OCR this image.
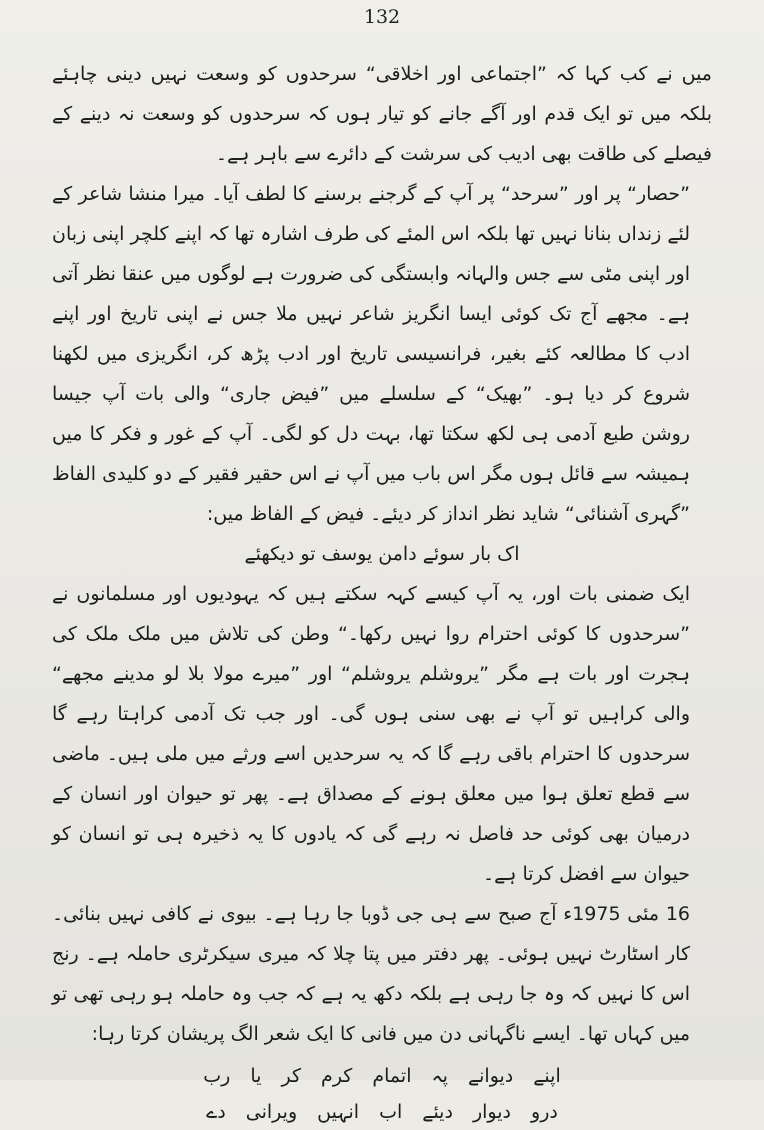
132

میں نے کب کہا کہ ”اجتماعی اور اخلاقی“ سرحدوں کو وسعت نہیں دینی چاہئے بلکہ میں تو ایک قدم اور آگے جانے کو تیار ہوں کہ سرحدوں کو وسعت نہ دینے کے فیصلے کی طاقت بھی ادیب کی سرشت کے دائرے سے باہر ہے۔

”حصار“ پر اور ”سرحد“ پر آپ کے گرجنے برسنے کا لطف آیا۔ میرا منشا شاعر کے لئے زنداں بنانا نہیں تھا بلکہ اس المئے کی طرف اشارہ تھا کہ اپنے کلچر اپنی زبان اور اپنی مٹی سے جس والہانہ وابستگی کی ضرورت ہے لوگوں میں عنقا نظر آتی ہے۔ مجھے آج تک کوئی ایسا انگریز شاعر نہیں ملا جس نے اپنی تاریخ اور اپنے ادب کا مطالعہ کئے بغیر، فرانسیسی تاریخ اور ادب پڑھ کر، انگریزی میں لکھنا شروع کر دیا ہو۔ ”بھیک“ کے سلسلے میں ”فیض جاری“ والی بات آپ جیسا روشن طبع آدمی ہی لکھ سکتا تھا، بہت دل کو لگی۔ آپ کے غور و فکر کا میں ہمیشہ سے قائل ہوں مگر اس باب میں آپ نے اس حقیر فقیر کے دو کلیدی الفاظ ”گہری آشنائی“ شاید نظر انداز کر دیئے۔ فیض کے الفاظ میں:

اک بار سوئے دامن یوسف تو دیکھئے

ایک ضمنی بات اور، یہ آپ کیسے کہہ سکتے ہیں کہ یہودیوں اور مسلمانوں نے ”سرحدوں کا کوئی احترام روا نہیں رکھا۔“ وطن کی تلاش میں ملک ملک کی ہجرت اور بات ہے مگر ”یروشلم یروشلم“ اور ”میرے مولا بلا لو مدینے مجھے“ والی کراہیں تو آپ نے بھی سنی ہوں گی۔ اور جب تک آدمی کراہتا رہے گا سرحدوں کا احترام باقی رہے گا کہ یہ سرحدیں اسے ورثے میں ملی ہیں۔ ماضی سے قطع تعلق ہوا میں معلق ہونے کے مصداق ہے۔ پھر تو حیوان اور انسان کے درمیان بھی کوئی حد فاصل نہ رہے گی کہ یادوں کا یہ ذخیرہ ہی تو انسان کو حیوان سے افضل کرتا ہے۔

16 مئی 1975ء آج صبح سے ہی جی ڈوبا جا رہا ہے۔ بیوی نے کافی نہیں بنائی۔ کار اسٹارٹ نہیں ہوئی۔ پھر دفتر میں پتا چلا کہ میری سیکرٹری حاملہ ہے۔ رنج اس کا نہیں کہ وہ جا رہی ہے بلکہ دکھ یہ ہے کہ جب وہ حاملہ ہو رہی تھی تو میں کہاں تھا۔ ایسے ناگہانی دن میں فانی کا ایک شعر الگ پریشان کرتا رہا:

اپنے دیوانے پہ اتمام کرم کر یا رب
درو دیوار دیئے اب انہیں ویرانی دے
